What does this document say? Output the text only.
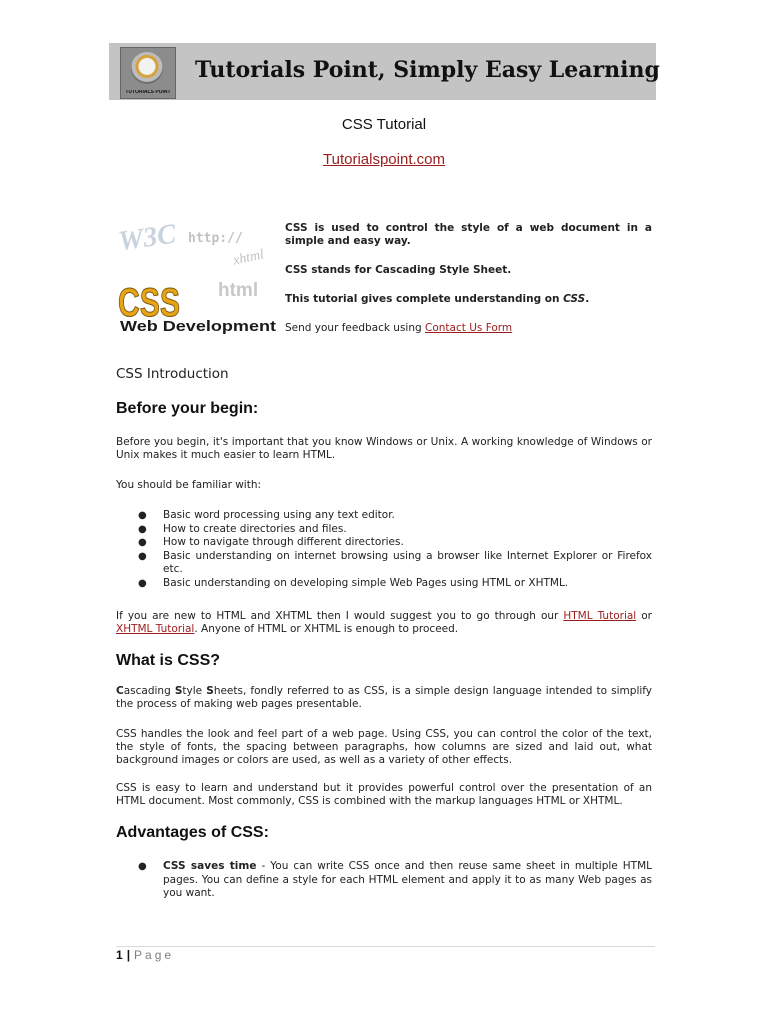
TUTORIALS POINT
Tutorials Point, Simply Easy Learning
CSS Tutorial
Tutorialspoint.com
W3C http://
xhtml
html
CSS
Web Development

CSS is used to control the style of a web document in a simple and easy way.

CSS stands for Cascading Style Sheet.

This tutorial gives complete understanding on CSS.

Send your feedback using Contact Us Form

CSS Introduction
Before your begin:

Before you begin, it's important that you know Windows or Unix. A working knowledge of Windows or Unix makes it much easier to learn HTML.

You should be familiar with:

● Basic word processing using any text editor.
● How to create directories and files.
● How to navigate through different directories.
● Basic understanding on internet browsing using a browser like Internet Explorer or Firefox etc.
● Basic understanding on developing simple Web Pages using HTML or XHTML.

If you are new to HTML and XHTML then I would suggest you to go through our HTML Tutorial or XHTML Tutorial. Anyone of HTML or XHTML is enough to proceed.

What is CSS?

Cascading Style Sheets, fondly referred to as CSS, is a simple design language intended to simplify the process of making web pages presentable.

CSS handles the look and feel part of a web page. Using CSS, you can control the color of the text, the style of fonts, the spacing between paragraphs, how columns are sized and laid out, what background images or colors are used, as well as a variety of other effects.

CSS is easy to learn and understand but it provides powerful control over the presentation of an HTML document. Most commonly, CSS is combined with the markup languages HTML or XHTML.

Advantages of CSS:
● CSS saves time - You can write CSS once and then reuse same sheet in multiple HTML pages. You can define a style for each HTML element and apply it to as many Web pages as you want.
1 | Page
